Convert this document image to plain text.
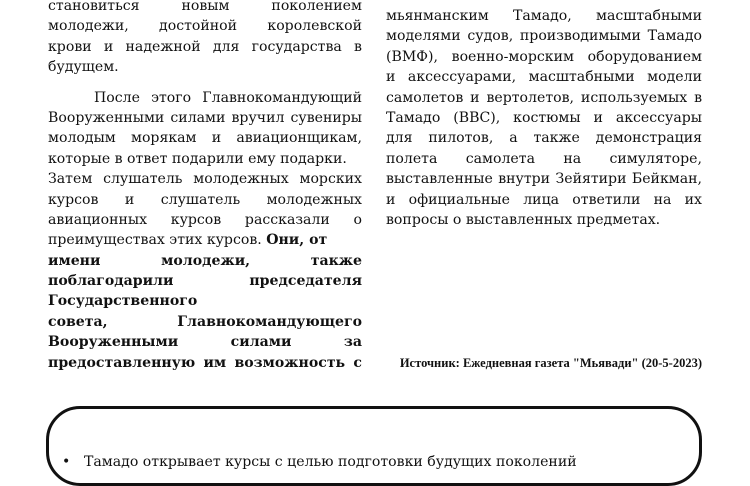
становиться новым поколением
молодежи, достойной королевской
крови и надежной для государства в
будущем.
После этого Главнокомандующий
Вооруженными силами вручил сувениры
молодым морякам и авиационщикам,
которые в ответ подарили ему подарки.
Затем слушатель молодежных морских
курсов и слушатель молодежных
авиационных курсов рассказали о
преимуществах этих курсов. Они, от
имени молодежи, также
поблагодарили председателя
Государственного
совета, Главнокомандующего
Вооруженными силами за
предоставленную им возможность с
мьянманским Тамадо, масштабными
моделями судов, производимыми Тамадо
(ВМФ), военно-морским оборудованием
и аксессуарами, масштабными модели
самолетов и вертолетов, используемых в
Тамадо (ВВС), костюмы и аксессуары
для пилотов, а также демонстрация
полета самолета на симуляторе,
выставленные внутри Зейятири Бейкман,
и официальные лица ответили на их
вопросы о выставленных предметах.
Источник: Ежедневная газета "Мьявади" (20-5-2023)
• Тамадо открывает курсы с целью подготовки будущих поколений
